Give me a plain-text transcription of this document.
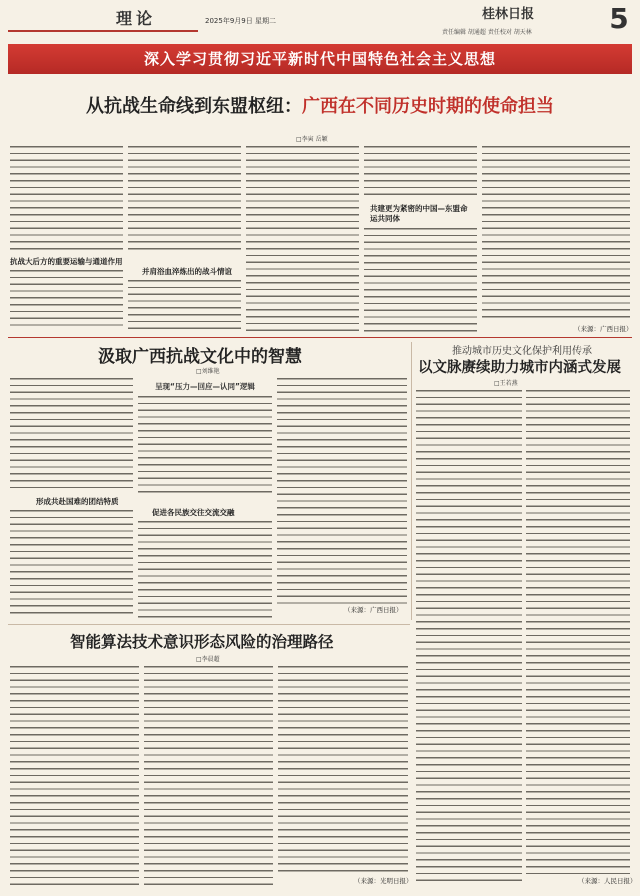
理论	2025年9月9日 星期二	桂林日报
责任编辑 胡通超 责任校对 胡天林	5
深入学习贯彻习近平新时代中国特色社会主义思想
从抗战生命线到东盟枢纽：广西在不同历史时期的使命担当
□李寅 岳颖
抗战大后方的重要运输与通道作用
并肩浴血淬炼出的战斗情谊
共建更为紧密的中国—东盟命运共同体
（来源：广西日报）
汲取广西抗战文化中的智慧
□刘维艳
形成共赴国难的团结特质
呈现“压力—回应—认同”逻辑
促进各民族交往交流交融
（来源：广西日报）
推动城市历史文化保护利用传承
以文脉赓续助力城市内涵式发展
□王若燕
（来源：人民日报）
智能算法技术意识形态风险的治理路径
□李晨超
（来源：光明日报）
